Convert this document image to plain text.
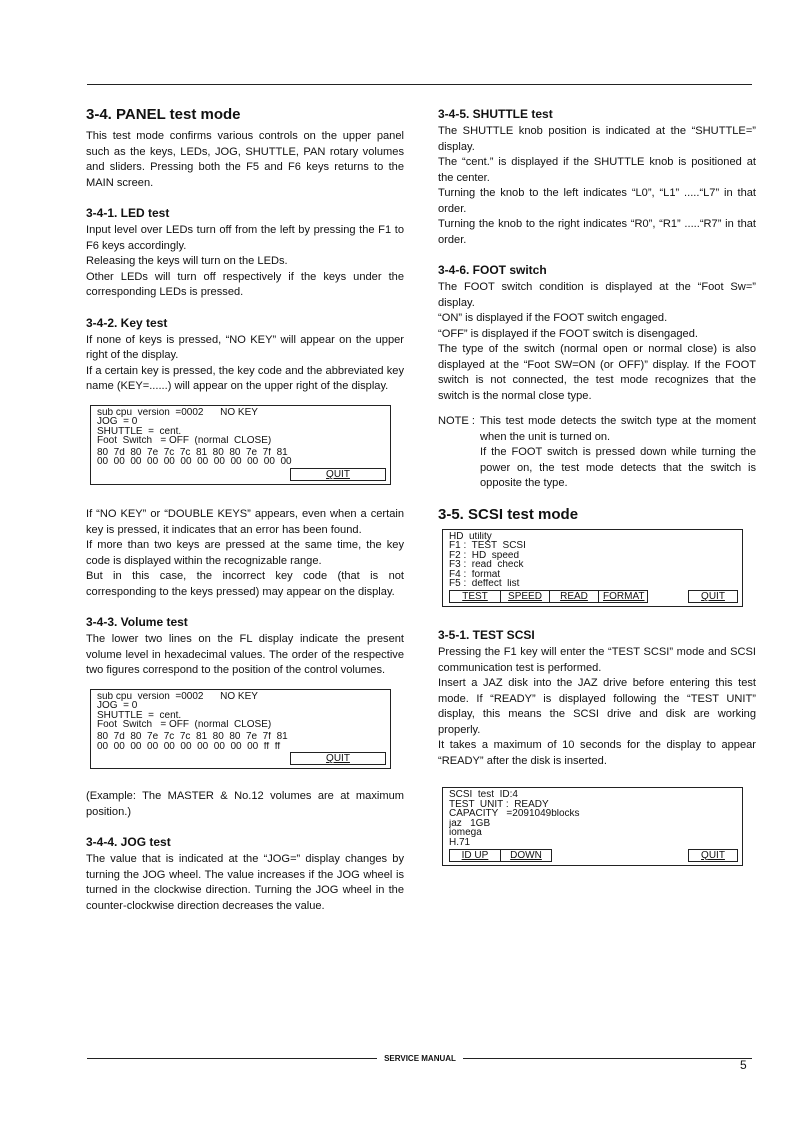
3-4. PANEL test mode

This test mode confirms various controls on the upper panel such as the keys, LEDs, JOG, SHUTTLE, PAN rotary volumes and sliders. Pressing both the F5 and F6 keys returns to the MAIN screen.

3-4-1. LED test

Input level over LEDs turn off from the left by pressing the F1 to F6 keys accordingly.

Releasing the keys will turn on the LEDs.

Other LEDs will turn off respectively if the keys under the corresponding LEDs is pressed.

3-4-2. Key test

If none of keys is pressed, “NO KEY” will appear on the upper right of the display.

If a certain key is pressed, the key code and the abbreviated key name (KEY=......) will appear on the upper right of the display.

sub cpu  version  =0002      NO KEY
JOG  = 0
SHUTTLE  =  cent.
Foot  Switch   = OFF  (normal  CLOSE)
80  7d  80  7e  7c  7c  81  80  80  7e  7f  81
00  00  00  00  00  00  00  00  00  00  00  00
QUIT

If “NO KEY” or “DOUBLE KEYS” appears, even when a certain key is pressed, it indicates that an error has been found.

If more than two keys are pressed at the same time, the key code is displayed within the recognizable range.

But in this case, the incorrect key code (that is not corresponding to the keys pressed) may appear on the display.

3-4-3. Volume test

The lower two lines on the FL display indicate the present volume level in hexadecimal values. The order of the respective two figures correspond to the position of the control volumes.

sub cpu  version  =0002      NO KEY
JOG  = 0
SHUTTLE  =  cent.
Foot  Switch   = OFF  (normal  CLOSE)
80  7d  80  7e  7c  7c  81  80  80  7e  7f  81
00  00  00  00  00  00  00  00  00  00  ff  ff
QUIT

(Example: The MASTER & No.12 volumes are at maximum position.)

3-4-4. JOG test

The value that is indicated at the “JOG=” display changes by turning the JOG wheel. The value increases if the JOG wheel is turned in the clockwise direction. Turning the JOG wheel in the counter-clockwise direction decreases the value.

3-4-5. SHUTTLE test

The SHUTTLE knob position is indicated at the “SHUTTLE=” display.

The “cent.” is displayed if the SHUTTLE knob is positioned at the center.

Turning the knob to the left indicates “L0”, “L1” .....“L7” in that order.

Turning the knob to the right indicates “R0”, “R1” .....“R7” in that order.

3-4-6. FOOT switch

The FOOT switch condition is displayed at the “Foot Sw=” display.

“ON” is displayed if the FOOT switch engaged.

“OFF” is displayed if the FOOT switch is disengaged.

The type of the switch (normal open or normal close) is also displayed at the “Foot SW=ON (or OFF)” display. If the FOOT switch is not connected, the test mode recognizes that the switch is the normal close type.

NOTE : This test mode detects the switch type at the moment when the unit is turned on.

If the FOOT switch is pressed down while turning the power on, the test mode detects that the switch is opposite the type.

3-5. SCSI test mode
HD  utility
F1 :  TEST  SCSI
F2 :  HD  speed
F3 :  read  check
F4 :  format
F5 :  deffect  list
TEST	SPEED	READ	FORMAT	QUIT
3-5-1. TEST SCSI

Pressing the F1 key will enter the “TEST SCSI” mode and SCSI communication test is performed.

Insert a JAZ disk into the JAZ drive before entering this test mode. If “READY” is displayed following the “TEST UNIT” display, this means the SCSI drive and disk are working properly.

It takes a maximum of 10 seconds for the display to appear “READY” after the disk is inserted.

SCSI  test  ID:4
TEST  UNIT :  READY
CAPACITY   =2091049blocks
jaz   1GB
iomega
H.71
ID UP	DOWN	QUIT
SERVICE MANUAL	5
